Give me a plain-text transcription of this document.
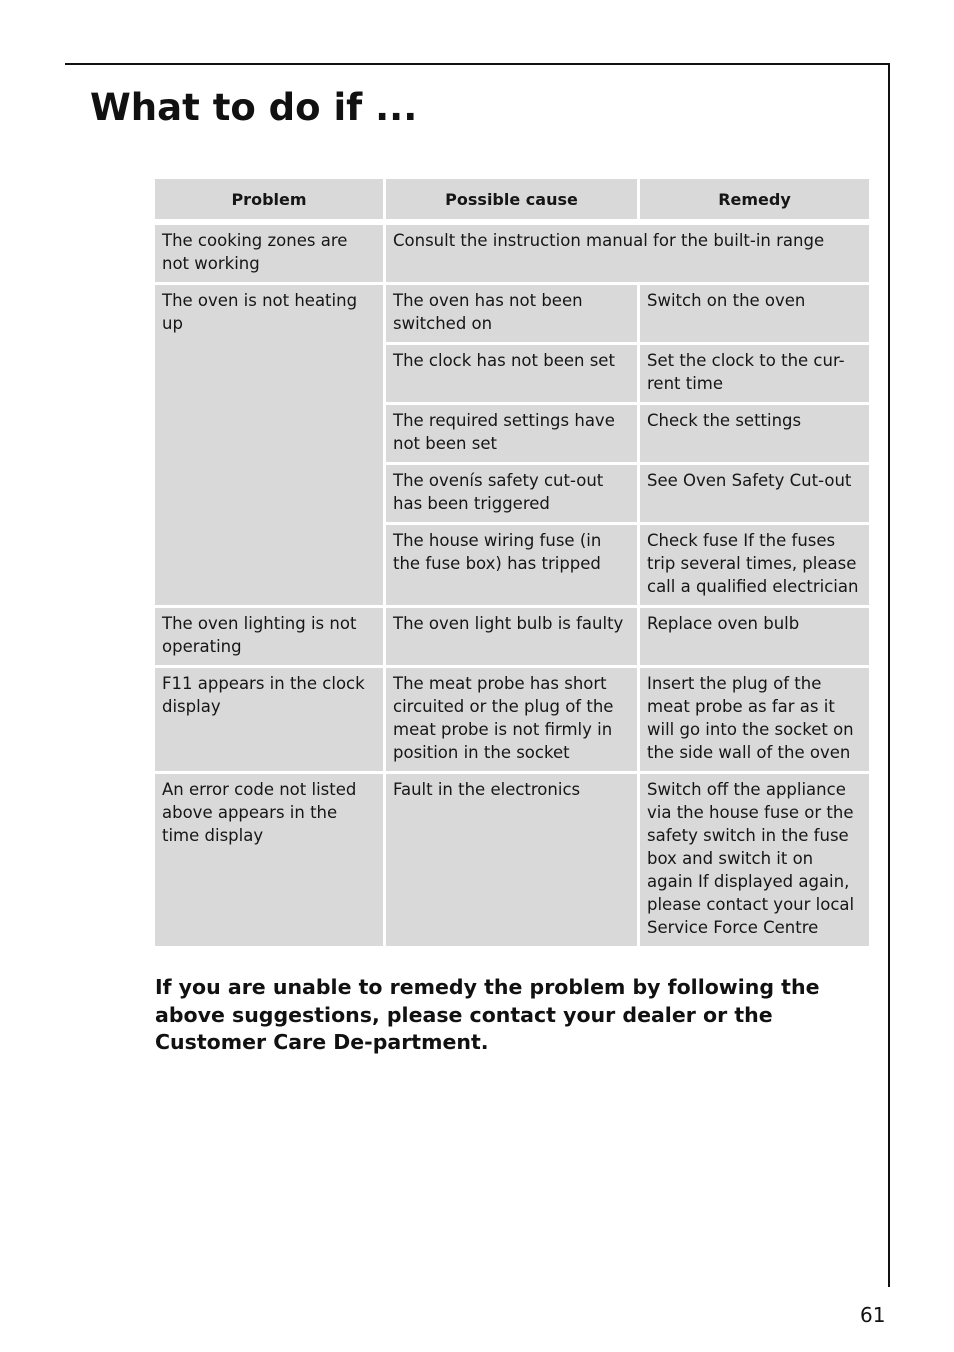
What to do if ...
Problem	Possible cause	Remedy

The cooking zones are not working	Consult the instruction manual for the built-in range	
The oven is not heating up	The oven has not been switched on	Switch on the oven
	The clock has not been set	Set the clock to the cur-rent time
	The required settings have not been set	Check the settings
	The ovenís safety cut-out has been triggered	See Oven Safety Cut-out
	The house wiring fuse (in the fuse box) has tripped	Check fuse If the fuses trip several times, please call a qualified electrician
The oven lighting is not operating	The oven light bulb is faulty	Replace oven bulb
F11 appears in the clock display	The meat probe has short circuited or the plug of the meat probe is not firmly in position in the socket	Insert the plug of the meat probe as far as it will go into the socket on the side wall of the oven
An error code not listed above appears in the time display	Fault in the electronics	Switch off the appliance via the house fuse or the safety switch in the fuse box and switch it on again If displayed again, please contact your local Service Force Centre

If you are unable to remedy the problem by following the above suggestions, please contact your dealer or the Customer Care De-partment.

61
